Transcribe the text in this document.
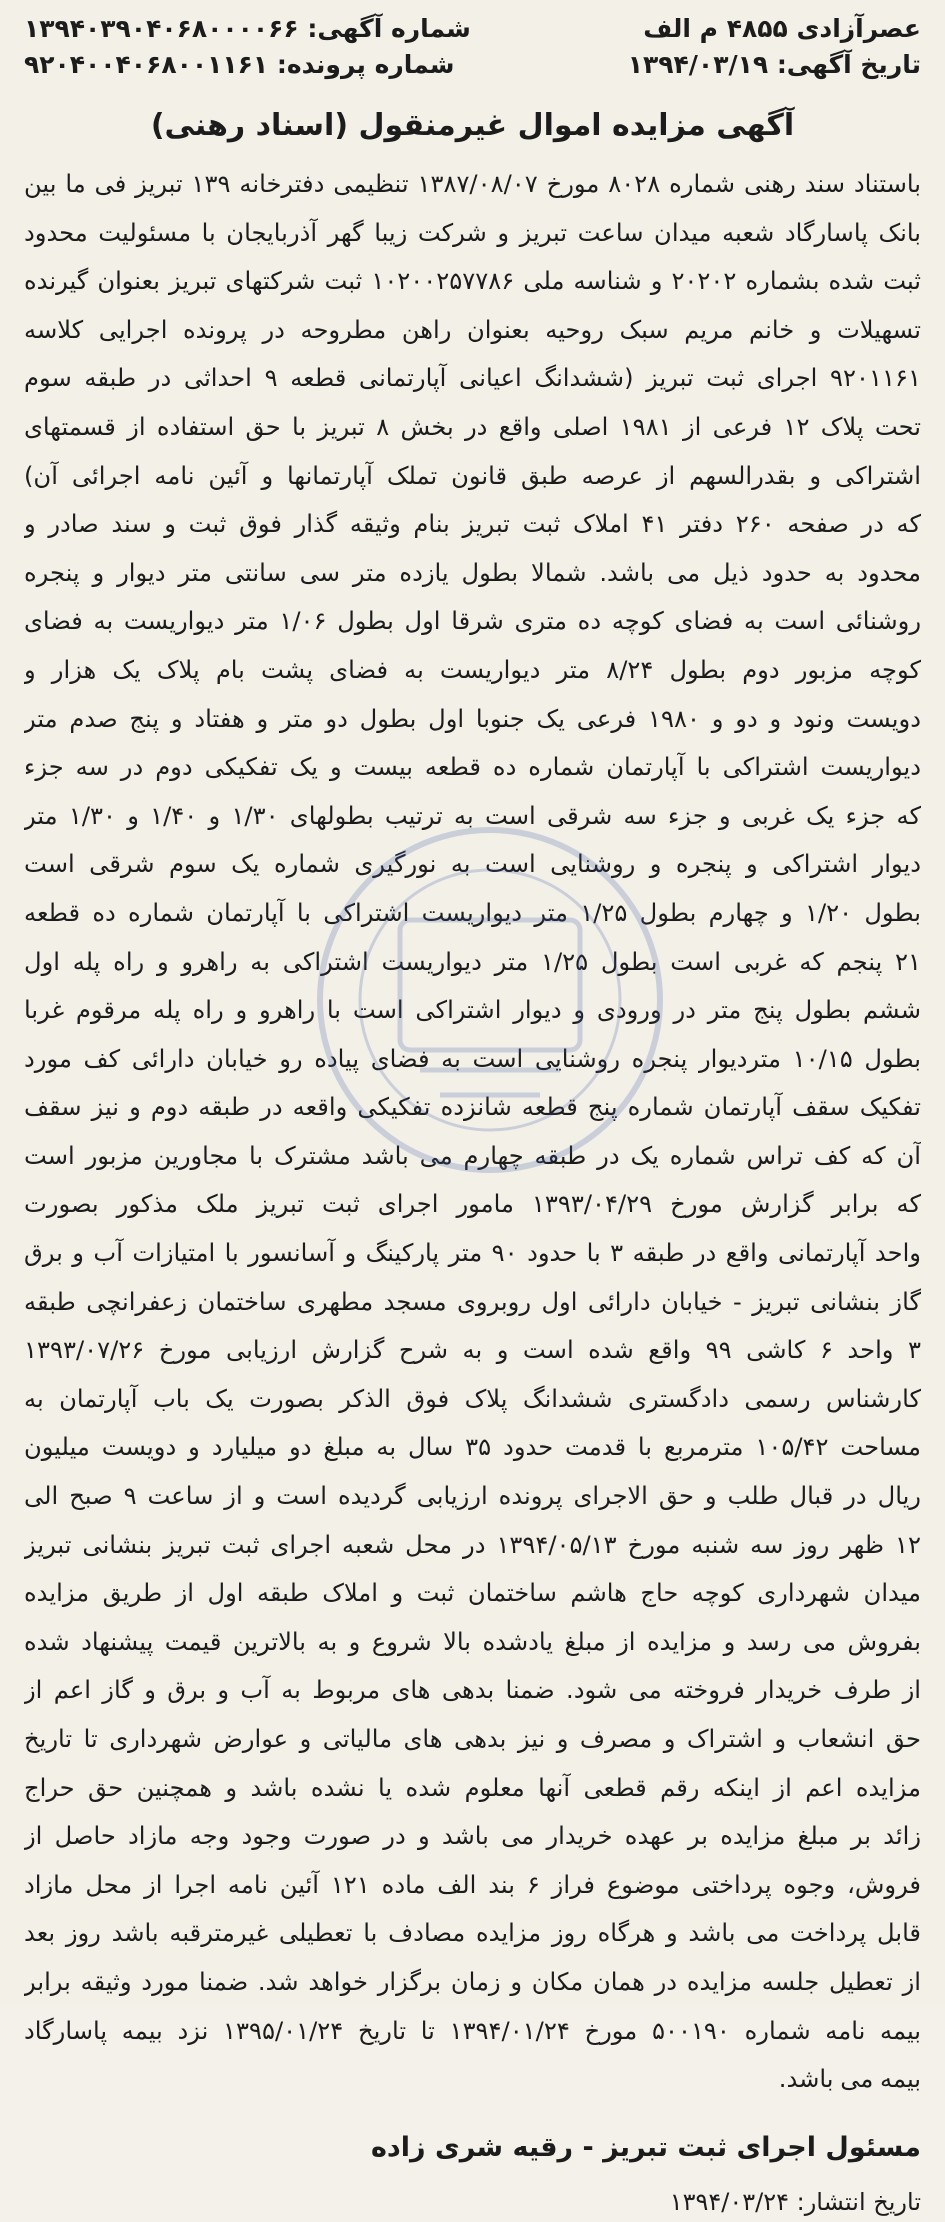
عصرآزادی ۴۸۵۵ م الف
شماره آگهی: ۱۳۹۴۰۳۹۰۴۰۶۸۰۰۰۰۶۶
تاریخ آگهی: ۱۳۹۴/۰۳/۱۹
شماره پرونده: ۹۲۰۴۰۰۴۰۶۸۰۰۱۱۶۱
آگهی مزایده اموال غیرمنقول (اسناد رهنی)
باستناد سند رهنی شماره ۸۰۲۸ مورخ ۱۳۸۷/۰۸/۰۷ تنظیمی دفترخانه ۱۳۹ تبریز فی ما بین
بانک پاسارگاد شعبه میدان ساعت تبریز و شرکت زیبا گهر آذربایجان با مسئولیت محدود
ثبت شده بشماره ۲۰۲۰۲ و شناسه ملی ۱۰۲۰۰۲۵۷۷۸۶ ثبت شرکتهای تبریز بعنوان گیرنده
تسهیلات و خانم مریم سبک روحیه بعنوان راهن مطروحه در پرونده اجرایی کلاسه
۹۲۰۱۱۶۱ اجرای ثبت تبریز (ششدانگ اعیانی آپارتمانی قطعه ۹ احداثی در طبقه سوم
تحت پلاک ۱۲ فرعی از ۱۹۸۱ اصلی واقع در بخش ۸ تبریز با حق استفاده از قسمتهای
اشتراکی و بقدرالسهم از عرصه طبق قانون تملک آپارتمانها و آئین نامه اجرائی آن)
که در صفحه ۲۶۰ دفتر ۴۱ املاک ثبت تبریز بنام وثیقه گذار فوق ثبت و سند صادر و
محدود به حدود ذیل می باشد. شمالا بطول یازده متر سی سانتی متر دیوار و پنجره
روشنائی است به فضای کوچه ده متری شرقا اول بطول ۱/۰۶ متر دیواریست به فضای
کوچه مزبور دوم بطول ۸/۲۴ متر دیواریست به فضای پشت بام پلاک یک هزار و
دویست ونود و دو و ۱۹۸۰ فرعی یک جنوبا اول بطول دو متر و هفتاد و پنج صدم متر
دیواریست اشتراکی با آپارتمان شماره ده قطعه بیست و یک تفکیکی دوم در سه جزء
که جزء یک غربی و جزء سه شرقی است به ترتیب بطولهای ۱/۳۰ و ۱/۴۰ و ۱/۳۰ متر
دیوار اشتراکی و پنجره و روشنایی است به نورگیری شماره یک سوم شرقی است
بطول ۱/۲۰ و چهارم بطول ۱/۲۵ متر دیواریست اشتراکی با آپارتمان شماره ده قطعه
۲۱ پنجم که غربی است بطول ۱/۲۵ متر دیواریست اشتراکی به راهرو و راه پله اول
ششم بطول پنج متر در ورودی و دیوار اشتراکی است با راهرو و راه پله مرقوم غربا
بطول ۱۰/۱۵ متردیوار پنجره روشنایی است به فضای پیاده رو خیابان دارائی کف مورد
تفکیک سقف آپارتمان شماره پنج قطعه شانزده تفکیکی واقعه در طبقه دوم و نیز سقف
آن که کف تراس شماره یک در طبقه چهارم می باشد مشترک با مجاورین مزبور است
که برابر گزارش مورخ ۱۳۹۳/۰۴/۲۹ مامور اجرای ثبت تبریز ملک مذکور بصورت
واحد آپارتمانی واقع در طبقه ۳ با حدود ۹۰ متر پارکینگ و آسانسور با امتیازات آب و برق
گاز بنشانی تبریز - خیابان دارائی اول روبروی مسجد مطهری ساختمان زعفرانچی طبقه
۳ واحد ۶ کاشی ۹۹ واقع شده است و به شرح گزارش ارزیابی مورخ ۱۳۹۳/۰۷/۲۶
کارشناس رسمی دادگستری ششدانگ پلاک فوق الذکر بصورت یک باب آپارتمان به
مساحت ۱۰۵/۴۲ مترمربع با قدمت حدود ۳۵ سال به مبلغ دو میلیارد و دویست میلیون
ریال در قبال طلب و حق الاجرای پرونده ارزیابی گردیده است و از ساعت ۹ صبح الی
۱۲ ظهر روز سه شنبه مورخ ۱۳۹۴/۰۵/۱۳ در محل شعبه اجرای ثبت تبریز بنشانی تبریز
میدان شهرداری کوچه حاج هاشم ساختمان ثبت و املاک طبقه اول از طریق مزایده
بفروش می رسد و مزایده از مبلغ یادشده بالا شروع و به بالاترین قیمت پیشنهاد شده
از طرف خریدار فروخته می شود. ضمنا بدهی های مربوط به آب و برق و گاز اعم از
حق انشعاب و اشتراک و مصرف و نیز بدهی های مالیاتی و عوارض شهرداری تا تاریخ
مزایده اعم از اینکه رقم قطعی آنها معلوم شده یا نشده باشد و همچنین حق حراج
زائد بر مبلغ مزایده بر عهده خریدار می باشد و در صورت وجود وجه مازاد حاصل از
فروش، وجوه پرداختی موضوع فراز ۶ بند الف ماده ۱۲۱ آئین نامه اجرا از محل مازاد
قابل پرداخت می باشد و هرگاه روز مزایده مصادف با تعطیلی غیرمترقبه باشد روز بعد
از تعطیل جلسه مزایده در همان مکان و زمان برگزار خواهد شد. ضمنا مورد وثیقه برابر
بیمه نامه شماره ۵۰۰۱۹۰ مورخ ۱۳۹۴/۰۱/۲۴ تا تاریخ ۱۳۹۵/۰۱/۲۴ نزد بیمه پاسارگاد
بیمه می باشد.
مسئول اجرای ثبت تبریز - رقیه شری زاده
تاریخ انتشار: ۱۳۹۴/۰۳/۲۴
